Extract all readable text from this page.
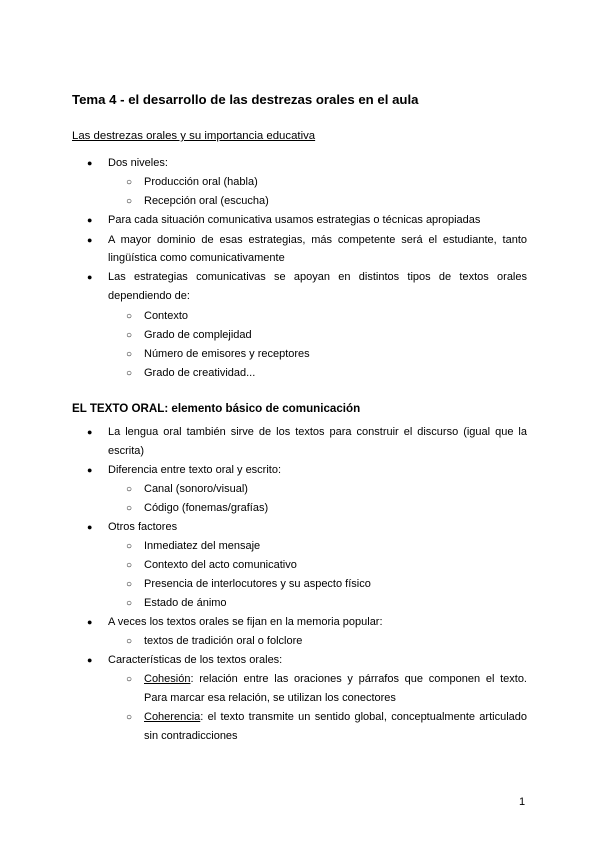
Tema 4 - el desarrollo de las destrezas orales en el aula
Las destrezas orales y su importancia educativa
● Dos niveles:
○ Producción oral (habla)
○ Recepción oral (escucha)
● Para cada situación comunicativa usamos estrategias o técnicas apropiadas
● A mayor dominio de esas estrategias, más competente será el estudiante, tanto
lingüística como comunicativamente
● Las estrategias comunicativas se apoyan en distintos tipos de textos orales
dependiendo de:
○ Contexto
○ Grado de complejidad
○ Número de emisores y receptores
○ Grado de creatividad...
EL TEXTO ORAL: elemento básico de comunicación
● La lengua oral también sirve de los textos para construir el discurso (igual que la
escrita)
● Diferencia entre texto oral y escrito:
○ Canal (sonoro/visual)
○ Código (fonemas/grafías)
● Otros factores
○ Inmediatez del mensaje
○ Contexto del acto comunicativo
○ Presencia de interlocutores y su aspecto físico
○ Estado de ánimo
● A veces los textos orales se fijan en la memoria popular:
○ textos de tradición oral o folclore
● Características de los textos orales:
○ Cohesión: relación entre las oraciones y párrafos que componen el texto.
Para marcar esa relación, se utilizan los conectores
○ Coherencia: el texto transmite un sentido global, conceptualmente articulado
sin contradicciones
1
